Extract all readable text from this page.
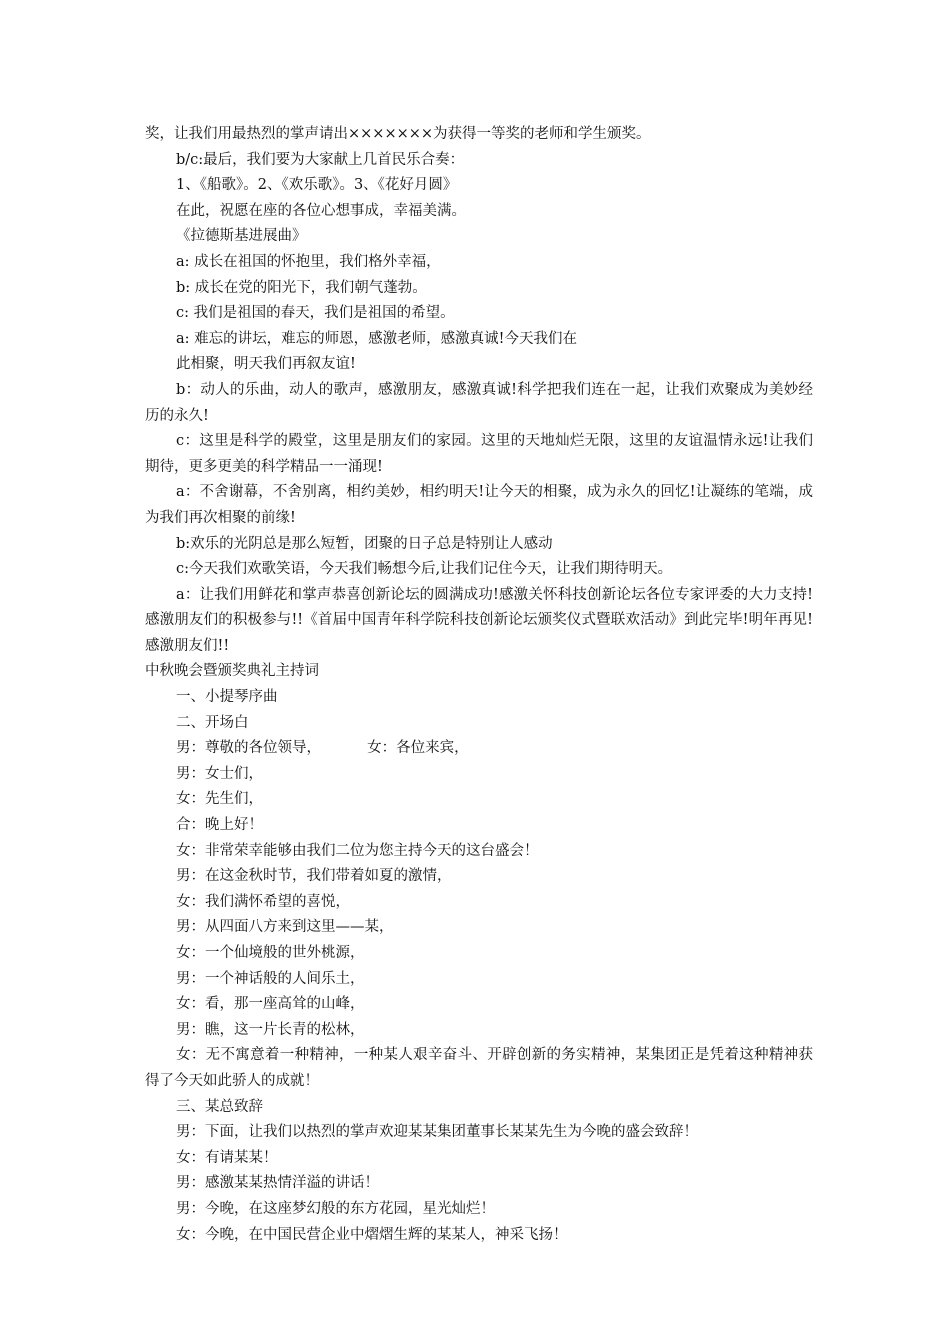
奖，让我们用最热烈的掌声请出×××××××为获得一等奖的老师和学生颁奖。

b/c:最后，我们要为大家献上几首民乐合奏：

1、《船歌》。2、《欢乐歌》。3、《花好月圆》

在此，祝愿在座的各位心想事成，幸福美满。

《拉德斯基进展曲》

a: 成长在祖国的怀抱里，我们格外幸福，

b: 成长在党的阳光下，我们朝气蓬勃。

c: 我们是祖国的春天，我们是祖国的希望。

a: 难忘的讲坛，难忘的师恩，感激老师，感激真诚!今天我们在

此相聚，明天我们再叙友谊!

b：动人的乐曲，动人的歌声，感激朋友，感激真诚!科学把我们连在一起，让我们欢聚成为美妙经历的永久!

c：这里是科学的殿堂，这里是朋友们的家园。这里的天地灿烂无限，这里的友谊温情永远!让我们期待，更多更美的科学精品一一涌现!

a：不舍谢幕，不舍别离，相约美妙，相约明天!让今天的相聚，成为永久的回忆!让凝练的笔端，成为我们再次相聚的前缘!

b:欢乐的光阴总是那么短暂，团聚的日子总是特别让人感动

c:今天我们欢歌笑语，今天我们畅想今后,让我们记住今天，让我们期待明天。

a：让我们用鲜花和掌声恭喜创新论坛的圆满成功!感激关怀科技创新论坛各位专家评委的大力支持!感激朋友们的积极参与!!《首届中国青年科学院科技创新论坛颁奖仪式暨联欢活动》到此完毕!明年再见!感激朋友们!!

中秋晚会暨颁奖典礼主持词

一、小提琴序曲

二、开场白

男：尊敬的各位领导，          女：各位来宾，

男：女士们，

女：先生们，

合：晚上好！

女：非常荣幸能够由我们二位为您主持今天的这台盛会！

男：在这金秋时节，我们带着如夏的激情，

女：我们满怀希望的喜悦，

男：从四面八方来到这里——某，

女：一个仙境般的世外桃源，

男：一个神话般的人间乐土，

女：看，那一座高耸的山峰，

男：瞧，这一片长青的松林，

女：无不寓意着一种精神，一种某人艰辛奋斗、开辟创新的务实精神，某集团正是凭着这种精神获得了今天如此骄人的成就！

三、某总致辞

男：下面，让我们以热烈的掌声欢迎某某集团董事长某某先生为今晚的盛会致辞！

女：有请某某！

男：感激某某热情洋溢的讲话！

男：今晚，在这座梦幻般的东方花园，星光灿烂！

女：今晚，在中国民营企业中熠熠生辉的某某人，神采飞扬！
